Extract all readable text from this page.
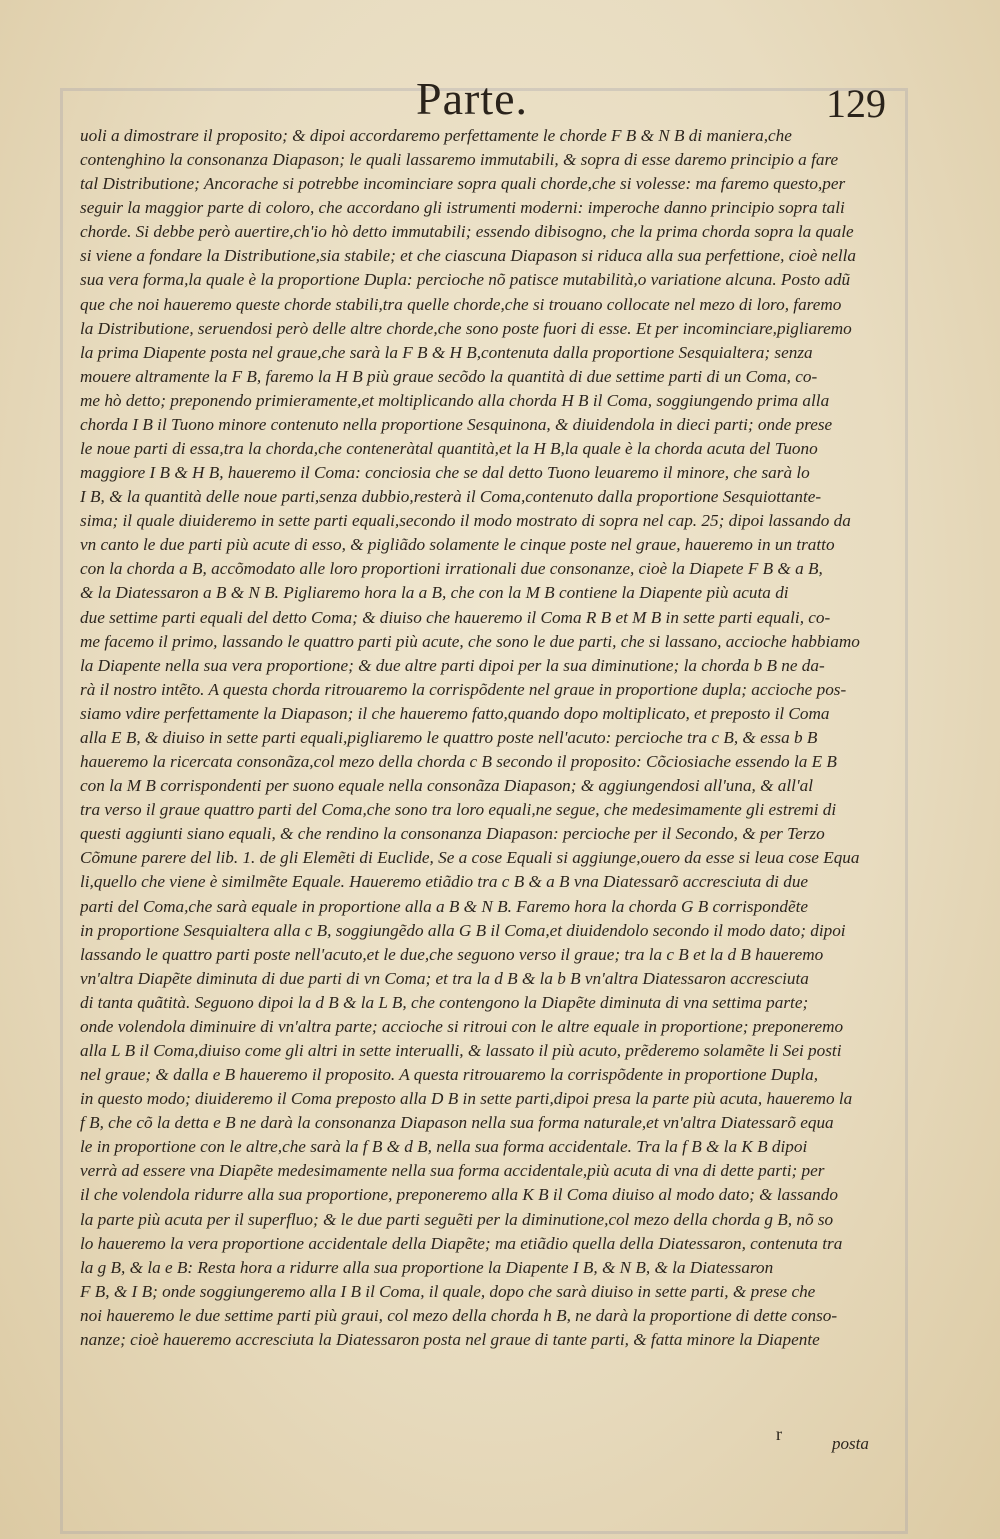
Parte.	129
uoli a dimostrare il proposito; & dipoi accordaremo perfettamente le chorde F B & N B di maniera,che
contenghino la consonanza Diapason; le quali lassaremo immutabili, & sopra di esse daremo principio a fare
tal Distributione; Ancorache si potrebbe incominciare sopra quali chorde,che si volesse: ma faremo questo,per
seguir la maggior parte di coloro, che accordano gli istrumenti moderni: imperoche danno principio sopra tali
chorde. Si debbe però auertire,ch'io hò detto immutabili; essendo dibisogno, che la prima chorda sopra la quale
si viene a fondare la Distributione,sia stabile; et che ciascuna Diapason si riduca alla sua perfettione, cioè nella
sua vera forma,la quale è la proportione Dupla: percioche nõ patisce mutabilità,o variatione alcuna. Posto adũ
que che noi haueremo queste chorde stabili,tra quelle chorde,che si trouano collocate nel mezo di loro, faremo
la Distributione, seruendosi però delle altre chorde,che sono poste fuori di esse. Et per incominciare,pigliaremo
la prima Diapente posta nel graue,che sarà la F B & H B,contenuta dalla proportione Sesquialtera; senza
mouere altramente la F B, faremo la H B più graue secõdo la quantità di due settime parti di un Coma, co-
me hò detto; preponendo primieramente,et moltiplicando alla chorda H B il Coma, soggiungendo prima alla
chorda I B il Tuono minore contenuto nella proportione Sesquinona, & diuidendola in dieci parti; onde prese
le noue parti di essa,tra la chorda,che conteneràtal quantità,et la H B,la quale è la chorda acuta del Tuono
maggiore I B & H B, haueremo il Coma: conciosia che se dal detto Tuono leuaremo il minore, che sarà lo
I B, & la quantità delle noue parti,senza dubbio,resterà il Coma,contenuto dalla proportione Sesquiottante-
sima; il quale diuideremo in sette parti equali,secondo il modo mostrato di sopra nel cap. 25; dipoi lassando da
vn canto le due parti più acute di esso, & pigliãdo solamente le cinque poste nel graue, haueremo in un tratto
con la chorda a B, accõmodato alle loro proportioni irrationali due consonanze, cioè la Diapete F B & a B,
& la Diatessaron a B & N B. Pigliaremo hora la a B, che con la M B contiene la Diapente più acuta di
due settime parti equali del detto Coma; & diuiso che haueremo il Coma R B et M B in sette parti equali, co-
me facemo il primo, lassando le quattro parti più acute, che sono le due parti, che si lassano, accioche habbiamo
la Diapente nella sua vera proportione; & due altre parti dipoi per la sua diminutione; la chorda b B ne da-
rà il nostro intẽto. A questa chorda ritrouaremo la corrispõdente nel graue in proportione dupla; accioche pos-
siamo vdire perfettamente la Diapason; il che haueremo fatto,quando dopo moltiplicato, et preposto il Coma
alla E B, & diuiso in sette parti equali,pigliaremo le quattro poste nell'acuto: percioche tra c B, & essa b B
haueremo la ricercata consonãza,col mezo della chorda c B secondo il proposito: Cõciosiache essendo la E B
con la M B corrispondenti per suono equale nella consonãza Diapason; & aggiungendosi all'una, & all'al
tra verso il graue quattro parti del Coma,che sono tra loro equali,ne segue, che medesimamente gli estremi di
questi aggiunti siano equali, & che rendino la consonanza Diapason: percioche per il Secondo, & per Terzo
Cõmune parere del lib. 1. de gli Elemẽti di Euclide, Se a cose Equali si aggiunge,ouero da esse si leua cose Equa
li,quello che viene è similmẽte Equale. Haueremo etiãdio tra c B & a B vna Diatessarõ accresciuta di due
parti del Coma,che sarà equale in proportione alla a B & N B. Faremo hora la chorda G B corrispondẽte
in proportione Sesquialtera alla c B, soggiungẽdo alla G B il Coma,et diuidendolo secondo il modo dato; dipoi
lassando le quattro parti poste nell'acuto,et le due,che seguono verso il graue; tra la c B et la d B haueremo
vn'altra Diapẽte diminuta di due parti di vn Coma; et tra la d B & la b B vn'altra Diatessaron accresciuta
di tanta quãtità. Seguono dipoi la d B & la L B, che contengono la Diapẽte diminuta di vna settima parte;
onde volendola diminuire di vn'altra parte; accioche si ritroui con le altre equale in proportione; preponeremo
alla L B il Coma,diuiso come gli altri in sette interualli, & lassato il più acuto, prẽderemo solamẽte li Sei posti
nel graue; & dalla e B haueremo il proposito. A questa ritrouaremo la corrispõdente in proportione Dupla,
in questo modo; diuideremo il Coma preposto alla D B in sette parti,dipoi presa la parte più acuta, haueremo la
f B, che cõ la detta e B ne darà la consonanza Diapason nella sua forma naturale,et vn'altra Diatessarõ equa
le in proportione con le altre,che sarà la f B & d B, nella sua forma accidentale. Tra la f B & la K B dipoi
verrà ad essere vna Diapẽte medesimamente nella sua forma accidentale,più acuta di vna di dette parti; per
il che volendola ridurre alla sua proportione, preponeremo alla K B il Coma diuiso al modo dato; & lassando
la parte più acuta per il superfluo; & le due parti seguẽti per la diminutione,col mezo della chorda g B, nõ so
lo haueremo la vera proportione accidentale della Diapẽte; ma etiãdio quella della Diatessaron, contenuta tra
la g B, & la e B: Resta hora a ridurre alla sua proportione la Diapente I B, & N B, & la Diatessaron
F B, & I B; onde soggiungeremo alla I B il Coma, il quale, dopo che sarà diuiso in sette parti, & prese che
noi haueremo le due settime parti più graui, col mezo della chorda h B, ne darà la proportione di dette conso-
nanze; cioè haueremo accresciuta la Diatessaron posta nel graue di tante parti, & fatta minore la Diapente
r	posta
